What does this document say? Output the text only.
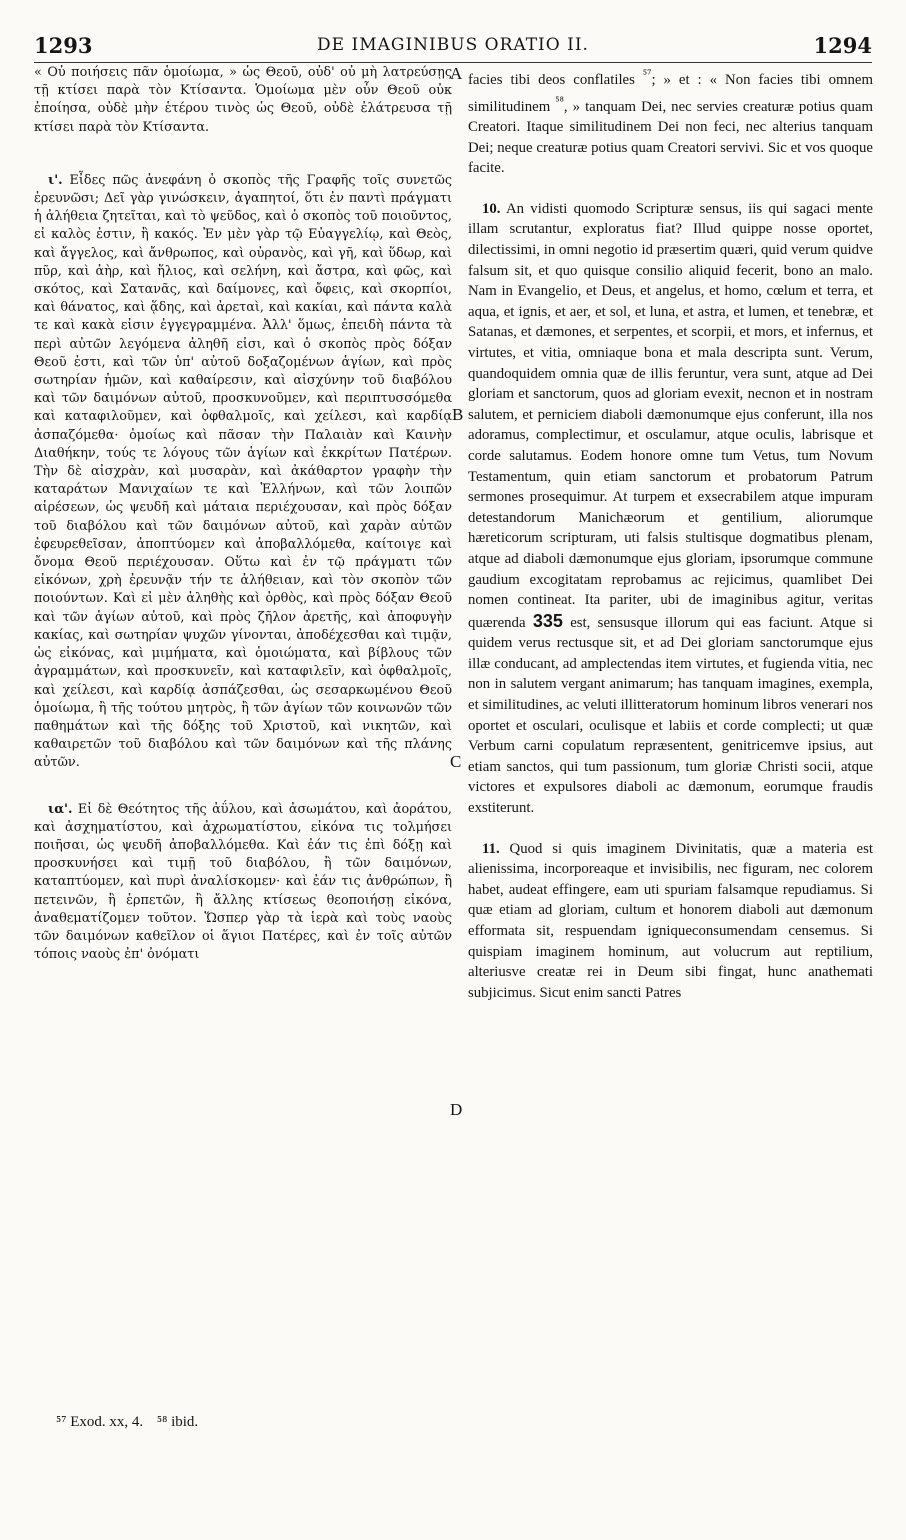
1293	DE IMAGINIBUS ORATIO II.	1294

« Οὐ ποιήσεις πᾶν ὁμοίωμα, » ὡς Θεοῦ, οὐδ' οὐ μὴ λατρεύσῃς τῇ κτίσει παρὰ τὸν Κτίσαντα. Ὁμοίωμα μὲν οὖν Θεοῦ οὐκ ἐποίησα, οὐδὲ μὴν ἑτέρου τινὸς ὡς Θεοῦ, οὐδὲ ἐλάτρευσα τῇ κτίσει παρὰ τὸν Κτίσαντα.

ι'. Εἶδες πῶς ἀνεφάνη ὁ σκοπὸς τῆς Γραφῆς τοῖς συνετῶς ἐρευνῶσι; Δεῖ γὰρ γινώσκειν, ἀγαπητοί, ὅτι ἐν παντὶ πράγματι ἡ ἀλήθεια ζητεῖται, καὶ τὸ ψεῦδος, καὶ ὁ σκοπὸς τοῦ ποιοῦντος, εἰ καλὸς ἐστιν, ἢ κακός. Ἐν μὲν γὰρ τῷ Εὐαγγελίῳ, καὶ Θεὸς, καὶ ἄγγελος, καὶ ἄνθρωπος, καὶ οὐρανὸς, καὶ γῆ, καὶ ὕδωρ, καὶ πῦρ, καὶ ἀὴρ, καὶ ἥλιος, καὶ σελήνη, καὶ ἄστρα, καὶ φῶς, καὶ σκότος, καὶ Σατανᾶς, καὶ δαίμονες, καὶ ὄφεις, καὶ σκορπίοι, καὶ θάνατος, καὶ ᾅδης, καὶ ἀρεταὶ, καὶ κακίαι, καὶ πάντα καλὰ τε καὶ κακὰ εἰσιν ἐγγεγραμμένα. Ἀλλ' ὅμως, ἐπειδὴ πάντα τὰ περὶ αὐτῶν λεγόμενα ἀληθῆ εἰσι, καὶ ὁ σκοπὸς πρὸς δόξαν Θεοῦ ἐστι, καὶ τῶν ὑπ' αὐτοῦ δοξαζομένων ἁγίων, καὶ πρὸς σωτηρίαν ἡμῶν, καὶ καθαίρεσιν, καὶ αἰσχύνην τοῦ διαβόλου καὶ τῶν δαιμόνων αὐτοῦ, προσκυνοῦμεν, καὶ περιπτυσσόμεθα καὶ καταφιλοῦμεν, καὶ ὀφθαλμοῖς, καὶ χείλεσι, καὶ καρδίᾳ ἀσπαζόμεθα· ὁμοίως καὶ πᾶσαν τὴν Παλαιὰν καὶ Καινὴν Διαθήκην, τούς τε λόγους τῶν ἁγίων καὶ ἐκκρίτων Πατέρων. Τὴν δὲ αἰσχρὰν, καὶ μυσαρὰν, καὶ ἀκάθαρτον γραφὴν τὴν καταράτων Μανιχαίων τε καὶ Ἑλλήνων, καὶ τῶν λοιπῶν αἱρέσεων, ὡς ψευδῆ καὶ μάταια περιέχουσαν, καὶ πρὸς δόξαν τοῦ διαβόλου καὶ τῶν δαιμόνων αὐτοῦ, καὶ χαρὰν αὐτῶν ἐφευρεθεῖσαν, ἀποπτύομεν καὶ ἀποβαλλόμεθα, καίτοιγε καὶ ὄνομα Θεοῦ περιέχουσαν. Οὕτω καὶ ἐν τῷ πράγματι τῶν εἰκόνων, χρὴ ἐρευνᾷν τήν τε ἀλήθειαν, καὶ τὸν σκοπὸν τῶν ποιούντων. Καὶ εἰ μὲν ἀληθὴς καὶ ὀρθὸς, καὶ πρὸς δόξαν Θεοῦ καὶ τῶν ἁγίων αὐτοῦ, καὶ πρὸς ζῆλον ἀρετῆς, καὶ ἀποφυγὴν κακίας, καὶ σωτηρίαν ψυχῶν γίνονται, ἀποδέχεσθαι καὶ τιμᾷν, ὡς εἰκόνας, καὶ μιμήματα, καὶ ὁμοιώματα, καὶ βίβλους τῶν ἀγραμμάτων, καὶ προσκυνεῖν, καὶ καταφιλεῖν, καὶ ὀφθαλμοῖς, καὶ χείλεσι, καὶ καρδίᾳ ἀσπάζεσθαι, ὡς σεσαρκωμένου Θεοῦ ὁμοίωμα, ἢ τῆς τούτου μητρὸς, ἢ τῶν ἁγίων τῶν κοινωνῶν τῶν παθημάτων καὶ τῆς δόξης τοῦ Χριστοῦ, καὶ νικητῶν, καὶ καθαιρετῶν τοῦ διαβόλου καὶ τῶν δαιμόνων καὶ τῆς πλάνης αὐτῶν.

ια'. Εἰ δὲ Θεότητος τῆς ἀΰλου, καὶ ἀσωμάτου, καὶ ἀοράτου, καὶ ἀσχηματίστου, καὶ ἀχρωματίστου, εἰκόνα τις τολμήσει ποιῆσαι, ὡς ψευδῆ ἀποβαλλόμεθα. Καὶ ἐάν τις ἐπὶ δόξῃ καὶ προσκυνήσει καὶ τιμῇ τοῦ διαβόλου, ἢ τῶν δαιμόνων, καταπτύομεν, καὶ πυρὶ ἀναλίσκομεν· καὶ ἐάν τις ἀνθρώπων, ἢ πετεινῶν, ἢ ἑρπετῶν, ἢ ἄλλης κτίσεως θεοποιήσῃ εἰκόνα, ἀναθεματίζομεν τοῦτον. Ὥσπερ γὰρ τὰ ἱερὰ καὶ τοὺς ναοὺς τῶν δαιμόνων καθεῖλον οἱ ἅγιοι Πατέρες, καὶ ἐν τοῖς αὐτῶν τόποις ναοὺς ἐπ' ὀνόματι

A
B
C
D

facies tibi deos conflatiles $^{^{57}}$; » et : « Non facies tibi omnem similitudinem $^{^{58}}$, » tanquam Dei, nec servies creaturæ potius quam Creatori. Itaque similitudinem Dei non feci, nec alterius tanquam Dei; neque creaturæ potius quam Creatori servivi. Sic et vos quoque facite.

10. An vidisti quomodo Scripturæ sensus, iis qui sagaci mente illam scrutantur, exploratus fiat? Illud quippe nosse oportet, dilectissimi, in omni negotio id præsertim quæri, quid verum quidve falsum sit, et quo quisque consilio aliquid fecerit, bono an malo. Nam in Evangelio, et Deus, et angelus, et homo, cœlum et terra, et aqua, et ignis, et aer, et sol, et luna, et astra, et lumen, et tenebræ, et Satanas, et dæmones, et serpentes, et scorpii, et mors, et infernus, et virtutes, et vitia, omniaque bona et mala descripta sunt. Verum, quandoquidem omnia quæ de illis feruntur, vera sunt, atque ad Dei gloriam et sanctorum, quos ad gloriam evexit, necnon et in nostram salutem, et perniciem diaboli dæmonumque ejus conferunt, illa nos adoramus, complectimur, et osculamur, atque oculis, labrisque et corde salutamus. Eodem honore omne tum Vetus, tum Novum Testamentum, quin etiam sanctorum et probatorum Patrum sermones prosequimur. At turpem et exsecrabilem atque impuram detestandorum Manichæorum et gentilium, aliorumque hæreticorum scripturam, uti falsis stultisque dogmatibus plenam, atque ad diaboli dæmonumque ejus gloriam, ipsorumque commune gaudium excogitatam reprobamus ac rejicimus, quamlibet Dei nomen contineat. Ita pariter, ubi de imaginibus agitur, veritas quærenda 335 est, sensusque illorum qui eas faciunt. Atque si quidem verus rectusque sit, et ad Dei gloriam sanctorumque ejus illæ conducant, ad amplectendas item virtutes, et fugienda vitia, nec non in salutem vergant animarum; has tanquam imagines, exempla, et similitudines, ac veluti illitteratorum hominum libros venerari nos oportet et osculari, oculisque et labiis et corde complecti; ut quæ Verbum carni copulatum repræsentent, genitricemve ipsius, aut etiam sanctos, qui tum passionum, tum gloriæ Christi socii, atque victores et expulsores diaboli ac dæmonum, eorumque fraudis exstiterunt.

11. Quod si quis imaginem Divinitatis, quæ a materia est alienissima, incorporeaque et invisibilis, nec figuram, nec colorem habet, audeat effingere, eam uti spuriam falsamque repudiamus. Si quæ etiam ad gloriam, cultum et honorem diaboli aut dæmonum efformata sit, respuendam igniqueconsumendam censemus. Si quispiam imaginem hominum, aut volucrum aut reptilium, alteriusve creatæ rei in Deum sibi fingat, hunc anathemati subjicimus. Sicut enim sancti Patres

⁵⁷ Exod. xx, 4. ⁵⁸ ibid.
